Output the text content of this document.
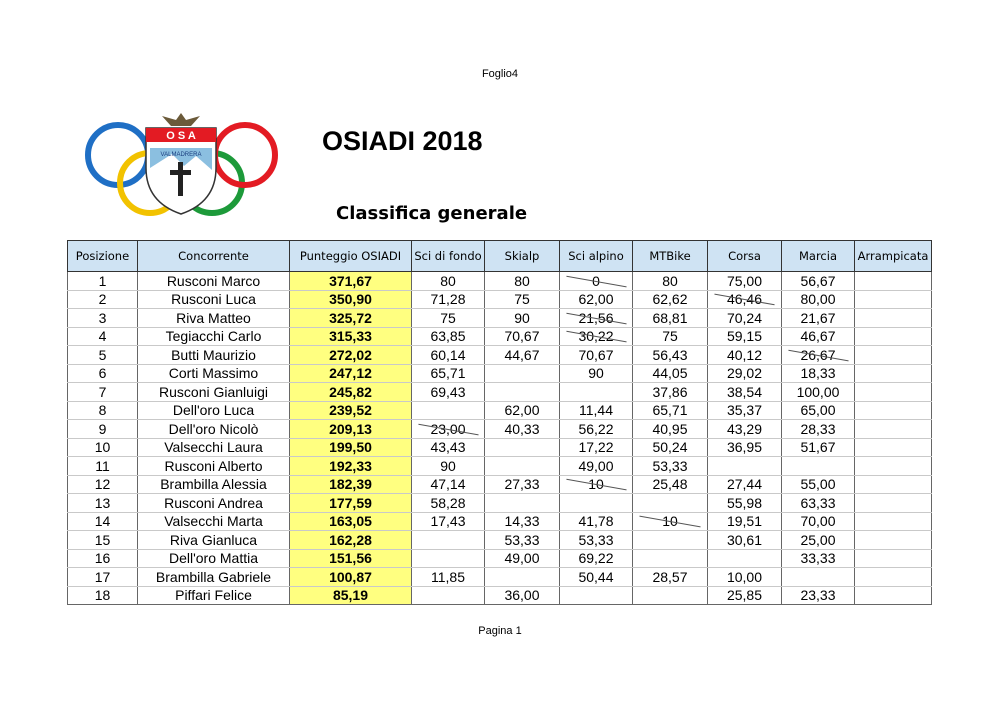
Foglio4
O S A
VALMADRERA	OSIADI 2018
Classifica generale
Posizione	Concorrente	Punteggio OSIADI	Sci di fondo	Skialp	Sci alpino	MTBike	Corsa	Marcia	Arrampicata
1	Rusconi Marco	371,67	80	80	0	80	75,00	56,67	
2	Rusconi Luca	350,90	71,28	75	62,00	62,62	46,46	80,00	
3	Riva Matteo	325,72	75	90	21,56	68,81	70,24	21,67	
4	Tegiacchi Carlo	315,33	63,85	70,67	30,22	75	59,15	46,67	
5	Butti Maurizio	272,02	60,14	44,67	70,67	56,43	40,12	26,67	
6	Corti Massimo	247,12	65,71		90	44,05	29,02	18,33	
7	Rusconi Gianluigi	245,82	69,43			37,86	38,54	100,00	
8	Dell'oro Luca	239,52		62,00	11,44	65,71	35,37	65,00	
9	Dell'oro Nicolò	209,13	23,00	40,33	56,22	40,95	43,29	28,33	
10	Valsecchi Laura	199,50	43,43		17,22	50,24	36,95	51,67	
11	Rusconi Alberto	192,33	90		49,00	53,33			
12	Brambilla Alessia	182,39	47,14	27,33	10	25,48	27,44	55,00	
13	Rusconi Andrea	177,59	58,28				55,98	63,33	
14	Valsecchi Marta	163,05	17,43	14,33	41,78	10	19,51	70,00	
15	Riva Gianluca	162,28		53,33	53,33		30,61	25,00	
16	Dell'oro Mattia	151,56		49,00	69,22			33,33	
17	Brambilla Gabriele	100,87	11,85		50,44	28,57	10,00		
18	Piffari Felice	85,19		36,00			25,85	23,33	
Pagina 1
